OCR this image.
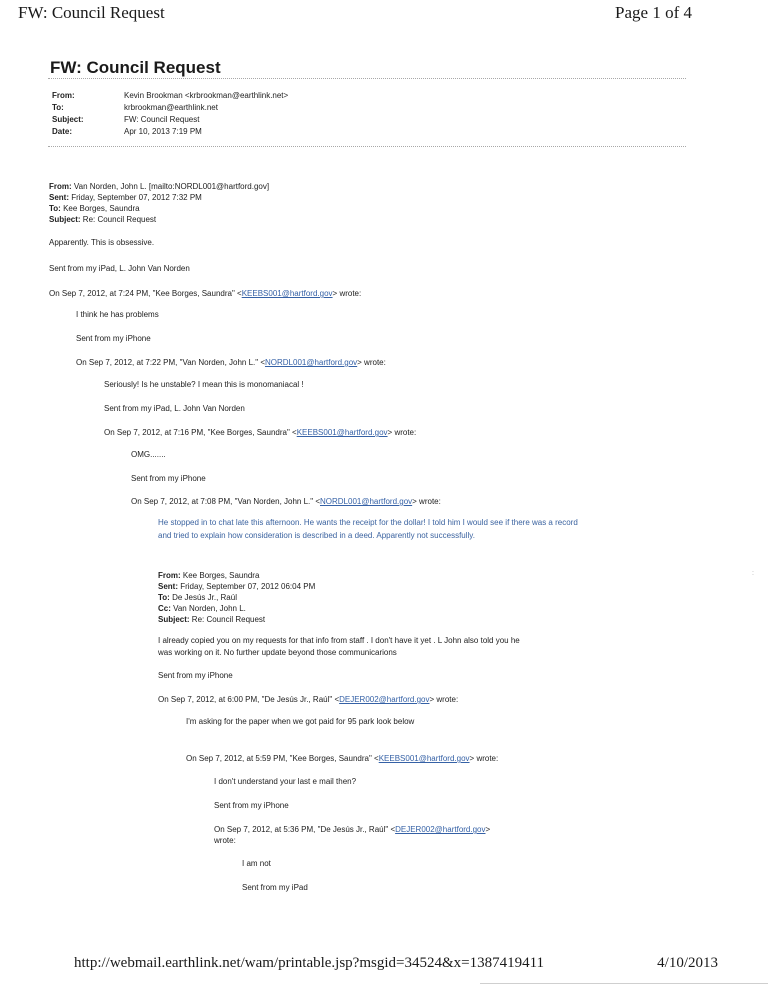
FW: Council Request	Page 1 of 4
FW: Council Request
From:	Kevin Brookman <krbrookman@earthlink.net>
To:	krbrookman@earthlink.net
Subject:	FW: Council Request
Date:	Apr 10, 2013 7:19 PM
From: Van Norden, John L. [mailto:NORDL001@hartford.gov]
Sent: Friday, September 07, 2012 7:32 PM
To: Kee Borges, Saundra
Subject: Re: Council Request
Apparently. This is obsessive.
Sent from my iPad, L. John Van Norden
On Sep 7, 2012, at 7:24 PM, "Kee Borges, Saundra" <KEEBS001@hartford.gov> wrote:
I think he has problems
Sent from my iPhone
On Sep 7, 2012, at 7:22 PM, "Van Norden, John L." <NORDL001@hartford.gov> wrote:
Seriously! Is he unstable? I mean this is monomaniacal !
Sent from my iPad, L. John Van Norden
On Sep 7, 2012, at 7:16 PM, "Kee Borges, Saundra" <KEEBS001@hartford.gov> wrote:
OMG.......
Sent from my iPhone
On Sep 7, 2012, at 7:08 PM, "Van Norden, John L." <NORDL001@hartford.gov> wrote:
He stopped in to chat late this afternoon. He wants the receipt for the dollar! I told him I would see if there was a record and tried to explain how consideration is described in a deed. Apparently not successfully.
From: Kee Borges, Saundra
Sent: Friday, September 07, 2012 06:04 PM
To: De Jesús Jr., Raúl
Cc: Van Norden, John L.
Subject: Re: Council Request
I already copied you on my requests for that info from staff . I don't have it yet . L John also told you he
was working on it. No further update beyond those communicarions
Sent from my iPhone
On Sep 7, 2012, at 6:00 PM, "De Jesús Jr., Raúl" <DEJER002@hartford.gov> wrote:
I'm asking for the paper when we got paid for 95 park look below
On Sep 7, 2012, at 5:59 PM, "Kee Borges, Saundra" <KEEBS001@hartford.gov> wrote:
I don't understand your last e mail then?
Sent from my iPhone
On Sep 7, 2012, at 5:36 PM, "De Jesús Jr., Raúl" <DEJER002@hartford.gov>
wrote:
I am not
Sent from my iPad
:
http://webmail.earthlink.net/wam/printable.jsp?msgid=34524&x=1387419411	4/10/2013
